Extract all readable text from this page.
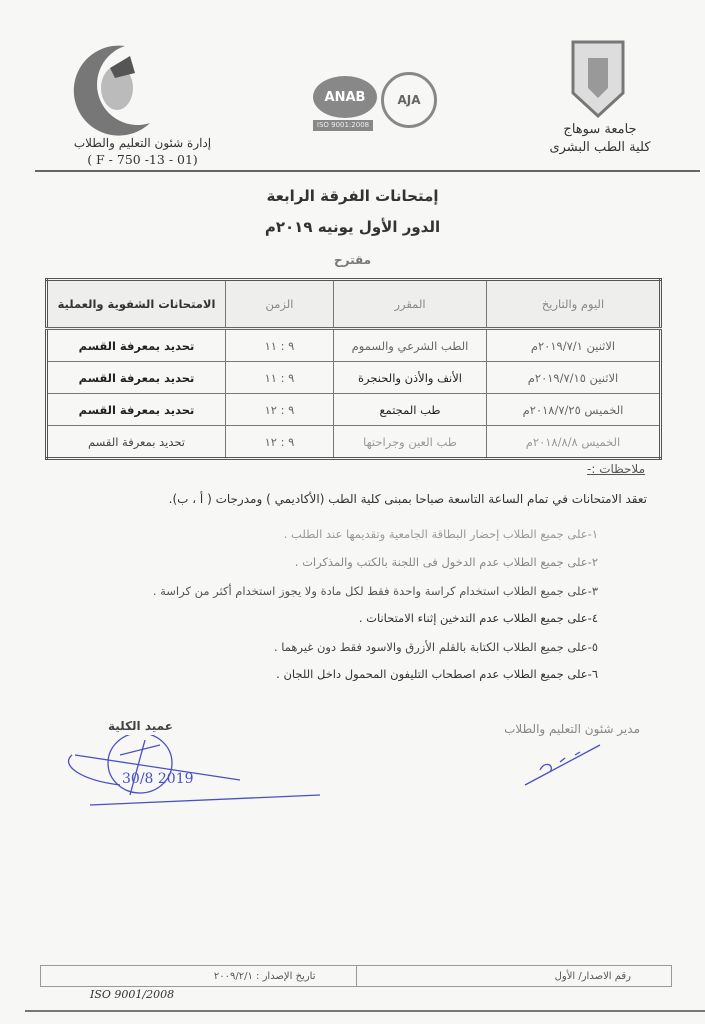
إدارة شئون التعليم والطلاب
( F - 750 -13 - 01)
ANAB
ISO 9001:2008
AJA
جامعة سوهاج
كلية الطب البشرى
إمتحانات الفرقة الرابعة
الدور الأول يونيه ٢٠١٩م
مقترح
اليوم والتاريخ	المقرر	الزمن	الامتحانات الشفوية والعملية
الاثنين ٢٠١٩/٧/١م	الطب الشرعي والسموم	٩ : ١١	تحديد بمعرفة القسم
الاثنين ٢٠١٩/٧/١٥م	الأنف والأذن والحنجرة	٩ : ١١	تحديد بمعرفة القسم
الخميس ٢٠١٨/٧/٢٥م	طب المجتمع	٩ : ١٢	تحديد بمعرفة القسم
الخميس ٢٠١٨/٨/٨م	طب العين وجراحتها	٩ : ١٢	تحديد بمعرفة القسم
ملاحظات :-
تعقد الامتحانات في تمام الساعة التاسعة صباحا بمبنى كلية الطب (الأكاديمي ) ومدرجات ( أ ، ب).
١-على جميع الطلاب إحضار البطاقة الجامعية وتقديمها عند الطلب .
٢-على جميع الطلاب عدم الدخول فى اللجنة بالكتب والمذكرات .
٣-على جميع الطلاب استخدام كراسة واحدة فقط لكل مادة ولا يجوز استخدام أكثر من كراسة .
٤-على جميع الطلاب عدم التدخين إثناء الامتحانات .
٥-على جميع الطلاب الكتابة بالقلم الأزرق والاسود فقط دون غيرهما .
٦-على جميع الطلاب عدم اصطحاب التليفون المحمول داخل اللجان .
عميد الكلية	مدير شئون التعليم والطلاب
30/8 2019
رقم الاصدار/ الأول
تاريخ الإصدار : ٢٠٠٩/٢/١
ISO 9001/2008
